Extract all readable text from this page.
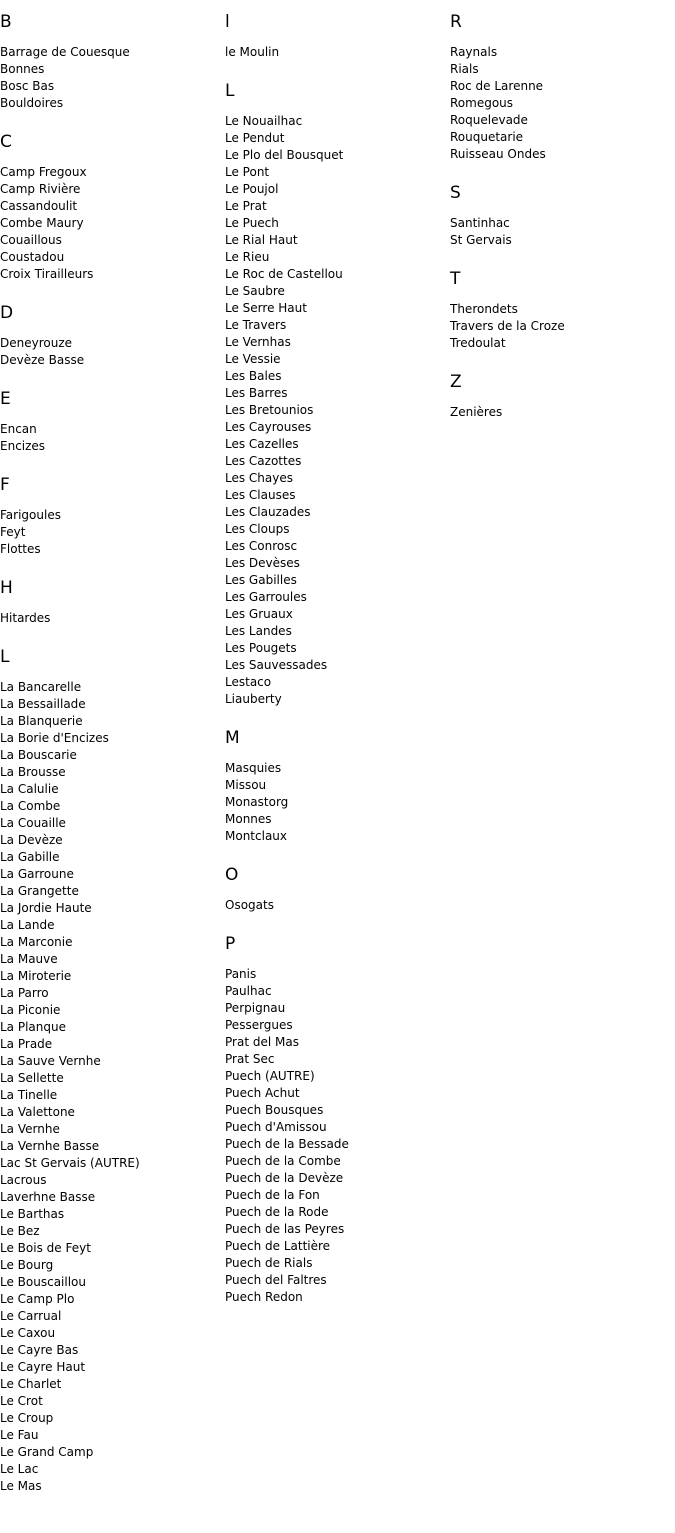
B
Barrage de Couesque
Bonnes
Bosc Bas
Bouldoires
C
Camp Fregoux
Camp Rivière
Cassandoulit
Combe Maury
Couaillous
Coustadou
Croix Tirailleurs
D
Deneyrouze
Devèze Basse
E
Encan
Encizes
F
Farigoules
Feyt
Flottes
H
Hitardes
L
La Bancarelle
La Bessaillade
La Blanquerie
La Borie d'Encizes
La Bouscarie
La Brousse
La Calulie
La Combe
La Couaille
La Devèze
La Gabille
La Garroune
La Grangette
La Jordie Haute
La Lande
La Marconie
La Mauve
La Miroterie
La Parro
La Piconie
La Planque
La Prade
La Sauve Vernhe
La Sellette
La Tinelle
La Valettone
La Vernhe
La Vernhe Basse
Lac St Gervais (AUTRE)
Lacrous
Laverhne Basse
Le Barthas
Le Bez
Le Bois de Feyt
Le Bourg
Le Bouscaillou
Le Camp Plo
Le Carrual
Le Caxou
Le Cayre Bas
Le Cayre Haut
Le Charlet
Le Crot
Le Croup
Le Fau
Le Grand Camp
Le Lac
Le Mas
l
le Moulin
L
Le Nouailhac
Le Pendut
Le Plo del Bousquet
Le Pont
Le Poujol
Le Prat
Le Puech
Le Rial Haut
Le Rieu
Le Roc de Castellou
Le Saubre
Le Serre Haut
Le Travers
Le Vernhas
Le Vessie
Les Bales
Les Barres
Les Bretounios
Les Cayrouses
Les Cazelles
Les Cazottes
Les Chayes
Les Clauses
Les Clauzades
Les Cloups
Les Conrosc
Les Devèses
Les Gabilles
Les Garroules
Les Gruaux
Les Landes
Les Pougets
Les Sauvessades
Lestaco
Liauberty
M
Masquies
Missou
Monastorg
Monnes
Montclaux
O
Osogats
P
Panis
Paulhac
Perpignau
Pessergues
Prat del Mas
Prat Sec
Puech (AUTRE)
Puech Achut
Puech Bousques
Puech d'Amissou
Puech de la Bessade
Puech de la Combe
Puech de la Devèze
Puech de la Fon
Puech de la Rode
Puech de las Peyres
Puech de Lattière
Puech de Rials
Puech del Faltres
Puech Redon
R
Raynals
Rials
Roc de Larenne
Romegous
Roquelevade
Rouquetarie
Ruisseau Ondes
S
Santinhac
St Gervais
T
Therondets
Travers de la Croze
Tredoulat
Z
Zenières
